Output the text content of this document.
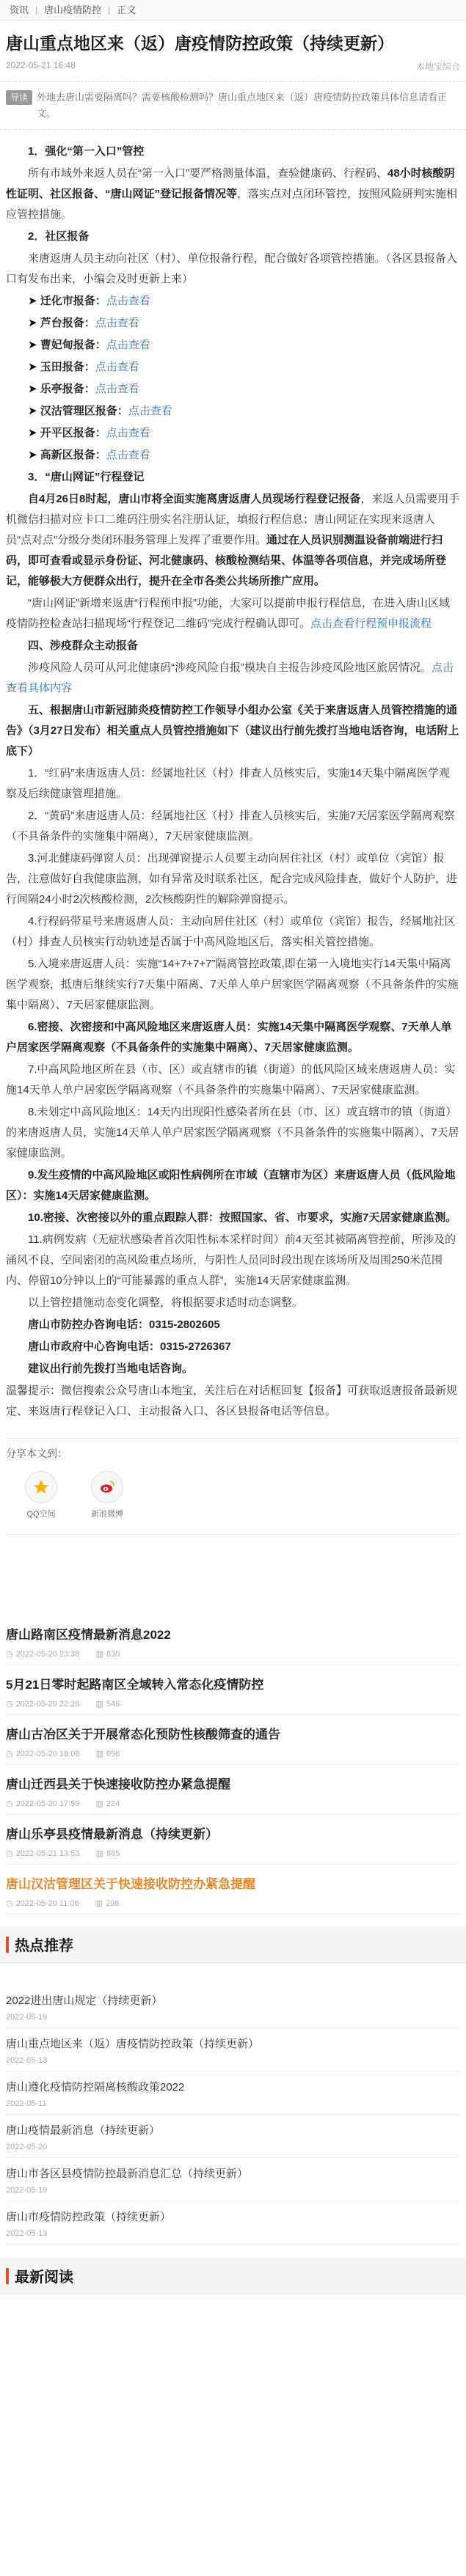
资讯 | 唐山疫情防控 | 正文
唐山重点地区来（返）唐疫情防控政策（持续更新）
2022-05-21 16:48	本地宝综合
导读 外地去唐山需要隔离吗？需要核酸检测吗？唐山重点地区来（返）唐疫情防控政策具体信息请看正文。

1．强化“第一入口”管控

所有市域外来返人员在“第一入口”要严格测量体温，查验健康码、行程码、48小时核酸阴性证明、社区报备、“唐山网证”登记报备情况等，落实点对点闭环管控，按照风险研判实施相应管控措施。

2．社区报备

来唐返唐人员主动向社区（村）、单位报备行程，配合做好各项管控措施。（各区县报备入口有发布出来，小编会及时更新上来）

➤ 迁化市报备：点击查看

➤ 芦台报备：点击查看

➤ 曹妃甸报备：点击查看

➤ 玉田报备：点击查看

➤ 乐亭报备：点击查看

➤ 汉沽管理区报备：点击查看

➤ 开平区报备：点击查看

➤ 高新区报备：点击查看

3．“唐山网证”行程登记

自4月26日8时起，唐山市将全面实施离唐返唐人员现场行程登记报备，来返人员需要用手机微信扫描对应卡口二维码注册实名注册认证，填报行程信息；唐山网证在实现来返唐人员“点对点”分级分类闭环服务管理上发挥了重要作用。通过在人员识别测温设备前端进行扫码，即可查看或显示身份证、河北健康码、核酸检测结果、体温等各项信息，并完成场所登记，能够极大方便群众出行，提升在全市各类公共场所推广应用。

“唐山网证”新增来返唐“行程预申报”功能，大家可以提前申报行程信息，在进入唐山区域疫情防控检查站扫描现场“行程登记二维码”完成行程确认即可。点击查看行程预申报流程

四、涉疫群众主动报备

涉疫风险人员可从河北健康码“涉疫风险自报”模块自主报告涉疫风险地区旅居情况。点击查看具体内容

五、根据唐山市新冠肺炎疫情防控工作领导小组办公室《关于来唐返唐人员管控措施的通告》（3月27日发布）相关重点人员管控措施如下（建议出行前先拨打当地电话咨询，电话附上底下）

1．“红码”来唐返唐人员：经属地社区（村）排查人员核实后，实施14天集中隔离医学观察及后续健康管理措施。

2．“黄码”来唐返唐人员：经属地社区（村）排查人员核实后，实施7天居家医学隔离观察（不具备条件的实施集中隔离），7天居家健康监测。

3.河北健康码弹窗人员：出现弹窗提示人员要主动向居住社区（村）或单位（宾馆）报告，注意做好自我健康监测，如有异常及时联系社区，配合完成风险排查，做好个人防护，进行间隔24小时2次核酸检测，2次核酸阴性的解除弹窗提示。

4.行程码带星号来唐返唐人员：主动向居住社区（村）或单位（宾馆）报告，经属地社区（村）排查人员核实行动轨迹是否属于中高风险地区后，落实相关管控措施。

5.入境来唐返唐人员：实施“14+7+7+7”隔离管控政策,即在第一入境地实行14天集中隔离医学观察，抵唐后继续实行7天集中隔离、7天单人单户居家医学隔离观察（不具备条件的实施集中隔离）、7天居家健康监测。

6.密接、次密接和中高风险地区来唐返唐人员：实施14天集中隔离医学观察、7天单人单户居家医学隔离观察（不具备条件的实施集中隔离）、7天居家健康监测。

7.中高风险地区所在县（市、区）或直辖市的镇（街道）的低风险区域来唐返唐人员：实施14天单人单户居家医学隔离观察（不具备条件的实施集中隔离）、7天居家健康监测。

8.未划定中高风险地区：14天内出现阳性感染者所在县（市、区）或直辖市的镇（街道）的来唐返唐人员，实施14天单人单户居家医学隔离观察（不具备条件的实施集中隔离）、7天居家健康监测。

9.发生疫情的中高风险地区或阳性病例所在市域（直辖市为区）来唐返唐人员（低风险地区）：实施14天居家健康监测。

10.密接、次密接以外的重点跟踪人群：按照国家、省、市要求，实施7天居家健康监测。

11.病例发病（无症状感染者首次阳性标本采样时间）前4天至其被隔离管控前，所涉及的涌风不良、空间密闭的高风险重点场所，与阳性人员同时段出现在该场所及周围250米范围内、停留10分钟以上的“可能暴露的重点人群”，实施14天居家健康监测。

以上管控措施动态变化调整，将根据要求适时动态调整。

唐山市防控办咨询电话：0315-2802605

唐山市政府中心咨询电话：0315-2726367

建议出行前先拨打当地电话咨询。

温馨提示：微信搜索公众号唐山本地宝，关注后在对话框回复【报备】可获取返唐报备最新规定、来返唐行程登记入口、主动报备入口、各区县报备电话等信息。

分享本文到：
QQ空间	新浪微博
唐山路南区疫情最新消息2022
◷ 2022-05-20 23:38 ▥ 830
5月21日零时起路南区全域转入常态化疫情防控
◷ 2022-05-20 22:26 ▥ 546
唐山古冶区关于开展常态化预防性核酸筛查的通告
◷ 2022-05-20 18:08 ▥ 696
唐山迁西县关于快速接收防控办紧急提醒
◷ 2022-05-20 17:59 ▥ 224
唐山乐亭县疫情最新消息（持续更新）
◷ 2022-05-21 13:53 ▥ 885
唐山汉沽管理区关于快速接收防控办紧急提醒
◷ 2022-05-20 11:06 ▥ 298
热点推荐
2022进出唐山规定（持续更新）
2022-05-19
唐山重点地区来（返）唐疫情防控政策（持续更新）
2022-05-13
唐山遵化疫情防控隔离核酸政策2022
2022-05-11
唐山疫情最新消息（持续更新）
2022-05-20
唐山市各区县疫情防控最新消息汇总（持续更新）
2022-05-19
唐山市疫情防控政策（持续更新）
2022-05-13
最新阅读
